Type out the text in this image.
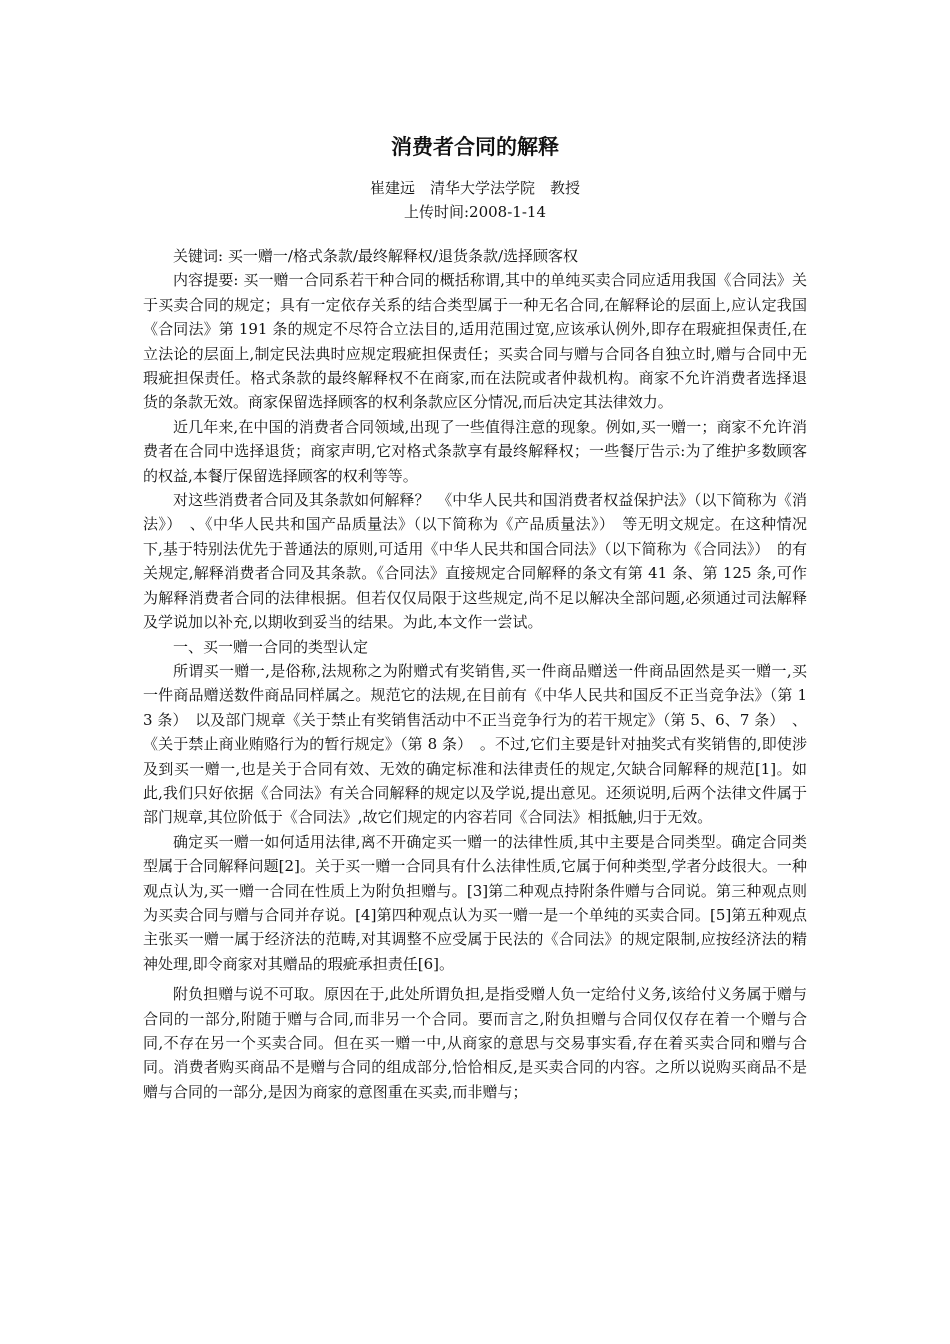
消费者合同的解释

崔建远　清华大学法学院　教授

上传时间:2008-1-14

关键词: 买一赠一/格式条款/最终解释权/退货条款/选择顾客权

内容提要: 买一赠一合同系若干种合同的概括称谓,其中的单纯买卖合同应适用我国《合同法》关于买卖合同的规定；具有一定依存关系的结合类型属于一种无名合同,在解释论的层面上,应认定我国《合同法》第 191 条的规定不尽符合立法目的,适用范围过宽,应该承认例外,即存在瑕疵担保责任,在立法论的层面上,制定民法典时应规定瑕疵担保责任；买卖合同与赠与合同各自独立时,赠与合同中无瑕疵担保责任。格式条款的最终解释权不在商家,而在法院或者仲裁机构。商家不允许消费者选择退货的条款无效。商家保留选择顾客的权利条款应区分情况,而后决定其法律效力。

近几年来,在中国的消费者合同领域,出现了一些值得注意的现象。例如,买一赠一；商家不允许消费者在合同中选择退货；商家声明,它对格式条款享有最终解释权；一些餐厅告示:为了维护多数顾客的权益,本餐厅保留选择顾客的权利等等。

对这些消费者合同及其条款如何解释？　《中华人民共和国消费者权益保护法》（以下简称为《消法》）　、《中华人民共和国产品质量法》（以下简称为《产品质量法》）　等无明文规定。在这种情况下,基于特别法优先于普通法的原则,可适用《中华人民共和国合同法》（以下简称为《合同法》）　的有关规定,解释消费者合同及其条款。《合同法》直接规定合同解释的条文有第 41 条、第 125 条,可作为解释消费者合同的法律根据。但若仅仅局限于这些规定,尚不足以解决全部问题,必须通过司法解释及学说加以补充,以期收到妥当的结果。为此,本文作一尝试。

一、买一赠一合同的类型认定

所谓买一赠一,是俗称,法规称之为附赠式有奖销售,买一件商品赠送一件商品固然是买一赠一,买一件商品赠送数件商品同样属之。规范它的法规,在目前有《中华人民共和国反不正当竞争法》（第 13 条）　以及部门规章《关于禁止有奖销售活动中不正当竞争行为的若干规定》（第 5、6、7 条）　、《关于禁止商业贿赂行为的暂行规定》（第 8 条）　。不过,它们主要是针对抽奖式有奖销售的,即使涉及到买一赠一,也是关于合同有效、无效的确定标准和法律责任的规定,欠缺合同解释的规范[1]。如此,我们只好依据《合同法》有关合同解释的规定以及学说,提出意见。还须说明,后两个法律文件属于部门规章,其位阶低于《合同法》,故它们规定的内容若同《合同法》相抵触,归于无效。

确定买一赠一如何适用法律,离不开确定买一赠一的法律性质,其中主要是合同类型。确定合同类型属于合同解释问题[2]。关于买一赠一合同具有什么法律性质,它属于何种类型,学者分歧很大。一种观点认为,买一赠一合同在性质上为附负担赠与。[3]第二种观点持附条件赠与合同说。第三种观点则为买卖合同与赠与合同并存说。[4]第四种观点认为买一赠一是一个单纯的买卖合同。[5]第五种观点主张买一赠一属于经济法的范畴,对其调整不应受属于民法的《合同法》的规定限制,应按经济法的精神处理,即令商家对其赠品的瑕疵承担责任[6]。

附负担赠与说不可取。原因在于,此处所谓负担,是指受赠人负一定给付义务,该给付义务属于赠与合同的一部分,附随于赠与合同,而非另一个合同。要而言之,附负担赠与合同仅仅存在着一个赠与合同,不存在另一个买卖合同。但在买一赠一中,从商家的意思与交易事实看,存在着买卖合同和赠与合同。消费者购买商品不是赠与合同的组成部分,恰恰相反,是买卖合同的内容。之所以说购买商品不是赠与合同的一部分,是因为商家的意图重在买卖,而非赠与；
